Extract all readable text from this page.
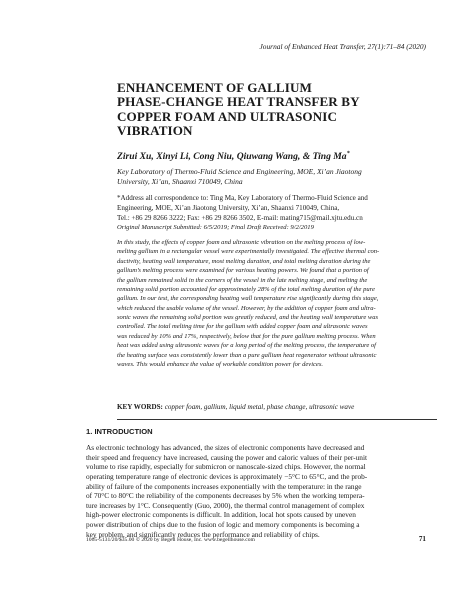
Journal of Enhanced Heat Transfer, 27(1):71–84 (2020)
ENHANCEMENT OF GALLIUM
PHASE-CHANGE HEAT TRANSFER BY
COPPER FOAM AND ULTRASONIC
VIBRATION
Zirui Xu, Xinyi Li, Cong Niu, Qiuwang Wang, & Ting Ma*
Key Laboratory of Thermo-Fluid Science and Engineering, MOE, Xi’an Jiaotong
University, Xi’an, Shaanxi 710049, China
*Address all correspondence to: Ting Ma, Key Laboratory of Thermo-Fluid Science and
Engineering, MOE, Xi’an Jiaotong University, Xi’an, Shaanxi 710049, China,
Tel.: +86 29 8266 3222; Fax: +86 29 8266 3502, E-mail: mating715@mail.xjtu.edu.cn
Original Manuscript Submitted: 6/5/2019; Final Draft Received: 9/2/2019
In this study, the effects of copper foam and ultrasonic vibration on the melting process of low-
melting gallium in a rectangular vessel were experimentally investigated. The effective thermal con-
ductivity, heating wall temperature, most melting duration, and total melting duration during the
gallium’s melting process were examined for various heating powers. We found that a portion of
the gallium remained solid in the corners of the vessel in the late melting stage, and melting the
remaining solid portion accounted for approximately 28% of the total melting duration of the pure
gallium. In our test, the corresponding heating wall temperature rise significantly during this stage,
which reduced the usable volume of the vessel. However, by the addition of copper foam and ultra-
sonic waves the remaining solid portion was greatly reduced, and the heating wall temperature was
controlled. The total melting time for the gallium with added copper foam and ultrasonic waves
was reduced by 10% and 17%, respectively, below that for the pure gallium melting process. When
heat was added using ultrasonic waves for a long period of the melting process, the temperature of
the heating surface was consistently lower than a pure gallium heat regenerator without ultrasonic
waves. This would enhance the value of workable condition power for devices.
KEY WORDS: copper foam, gallium, liquid metal, phase change, ultrasonic wave
1. INTRODUCTION
As electronic technology has advanced, the sizes of electronic components have decreased and
their speed and frequency have increased, causing the power and caloric values of their per-unit
volume to rise rapidly, especially for submicron or nanoscale-sized chips. However, the normal
operating temperature range of electronic devices is approximately −5°C to 65°C, and the prob-
ability of failure of the components increases exponentially with the temperature: in the range
of 70°C to 80°C the reliability of the components decreases by 5% when the working tempera-
ture increases by 1°C. Consequently (Guo, 2000), the thermal control management of complex
high-power electronic components is difficult. In addition, local hot spots caused by uneven
power distribution of chips due to the fusion of logic and memory components is becoming a
key problem, and significantly reduces the performance and reliability of chips.
1065-5131/20/$35.00 © 2020 by Begell House, Inc. www.begellhouse.com	71
